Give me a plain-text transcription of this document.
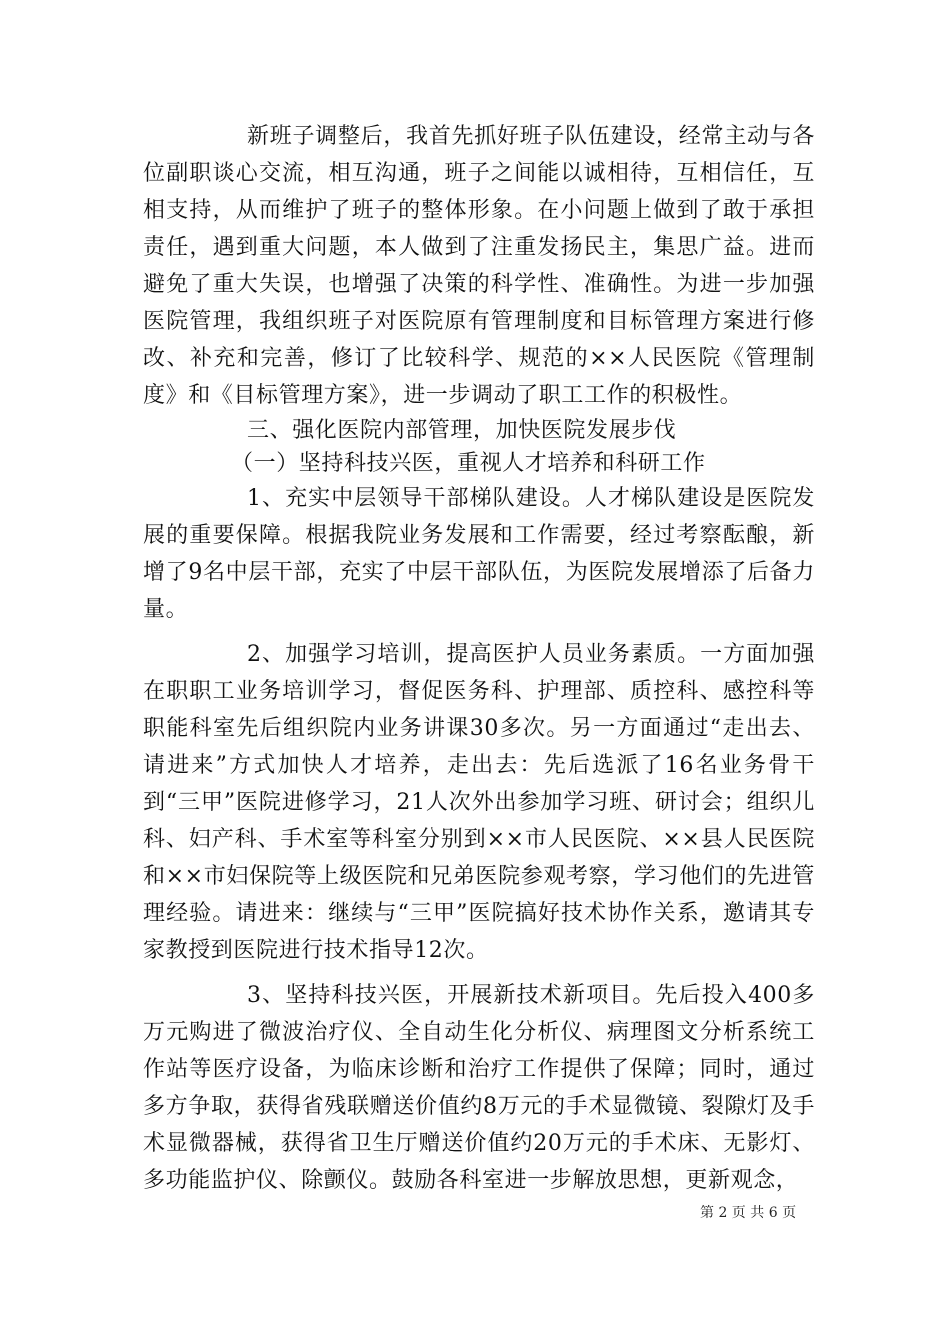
新班子调整后，我首先抓好班子队伍建设，经常主动与各位副职谈心交流，相互沟通，班子之间能以诚相待，互相信任，互相支持，从而维护了班子的整体形象。在小问题上做到了敢于承担责任，遇到重大问题，本人做到了注重发扬民主，集思广益。进而避免了重大失误，也增强了决策的科学性、准确性。为进一步加强医院管理，我组织班子对医院原有管理制度和目标管理方案进行修改、补充和完善，修订了比较科学、规范的××人民医院《管理制度》和《目标管理方案》，进一步调动了职工工作的积极性。

三、强化医院内部管理，加快医院发展步伐

（一）坚持科技兴医，重视人才培养和科研工作

1、充实中层领导干部梯队建设。人才梯队建设是医院发展的重要保障。根据我院业务发展和工作需要，经过考察酝酿，新增了9名中层干部，充实了中层干部队伍，为医院发展增添了后备力量。

2、加强学习培训，提高医护人员业务素质。一方面加强在职职工业务培训学习，督促医务科、护理部、质控科、感控科等职能科室先后组织院内业务讲课30多次。另一方面通过“走出去、请进来”方式加快人才培养，走出去：先后选派了16名业务骨干到“三甲”医院进修学习，21人次外出参加学习班、研讨会；组织儿科、妇产科、手术室等科室分别到××市人民医院、××县人民医院和××市妇保院等上级医院和兄弟医院参观考察，学习他们的先进管理经验。请进来：继续与“三甲”医院搞好技术协作关系，邀请其专家教授到医院进行技术指导12次。

3、坚持科技兴医，开展新技术新项目。先后投入400多万元购进了微波治疗仪、全自动生化分析仪、病理图文分析系统工作站等医疗设备，为临床诊断和治疗工作提供了保障；同时，通过多方争取，获得省残联赠送价值约8万元的手术显微镜、裂隙灯及手术显微器械，获得省卫生厅赠送价值约20万元的手术床、无影灯、多功能监护仪、除颤仪。鼓励各科室进一步解放思想，更新观念，

第 2 页 共 6 页
